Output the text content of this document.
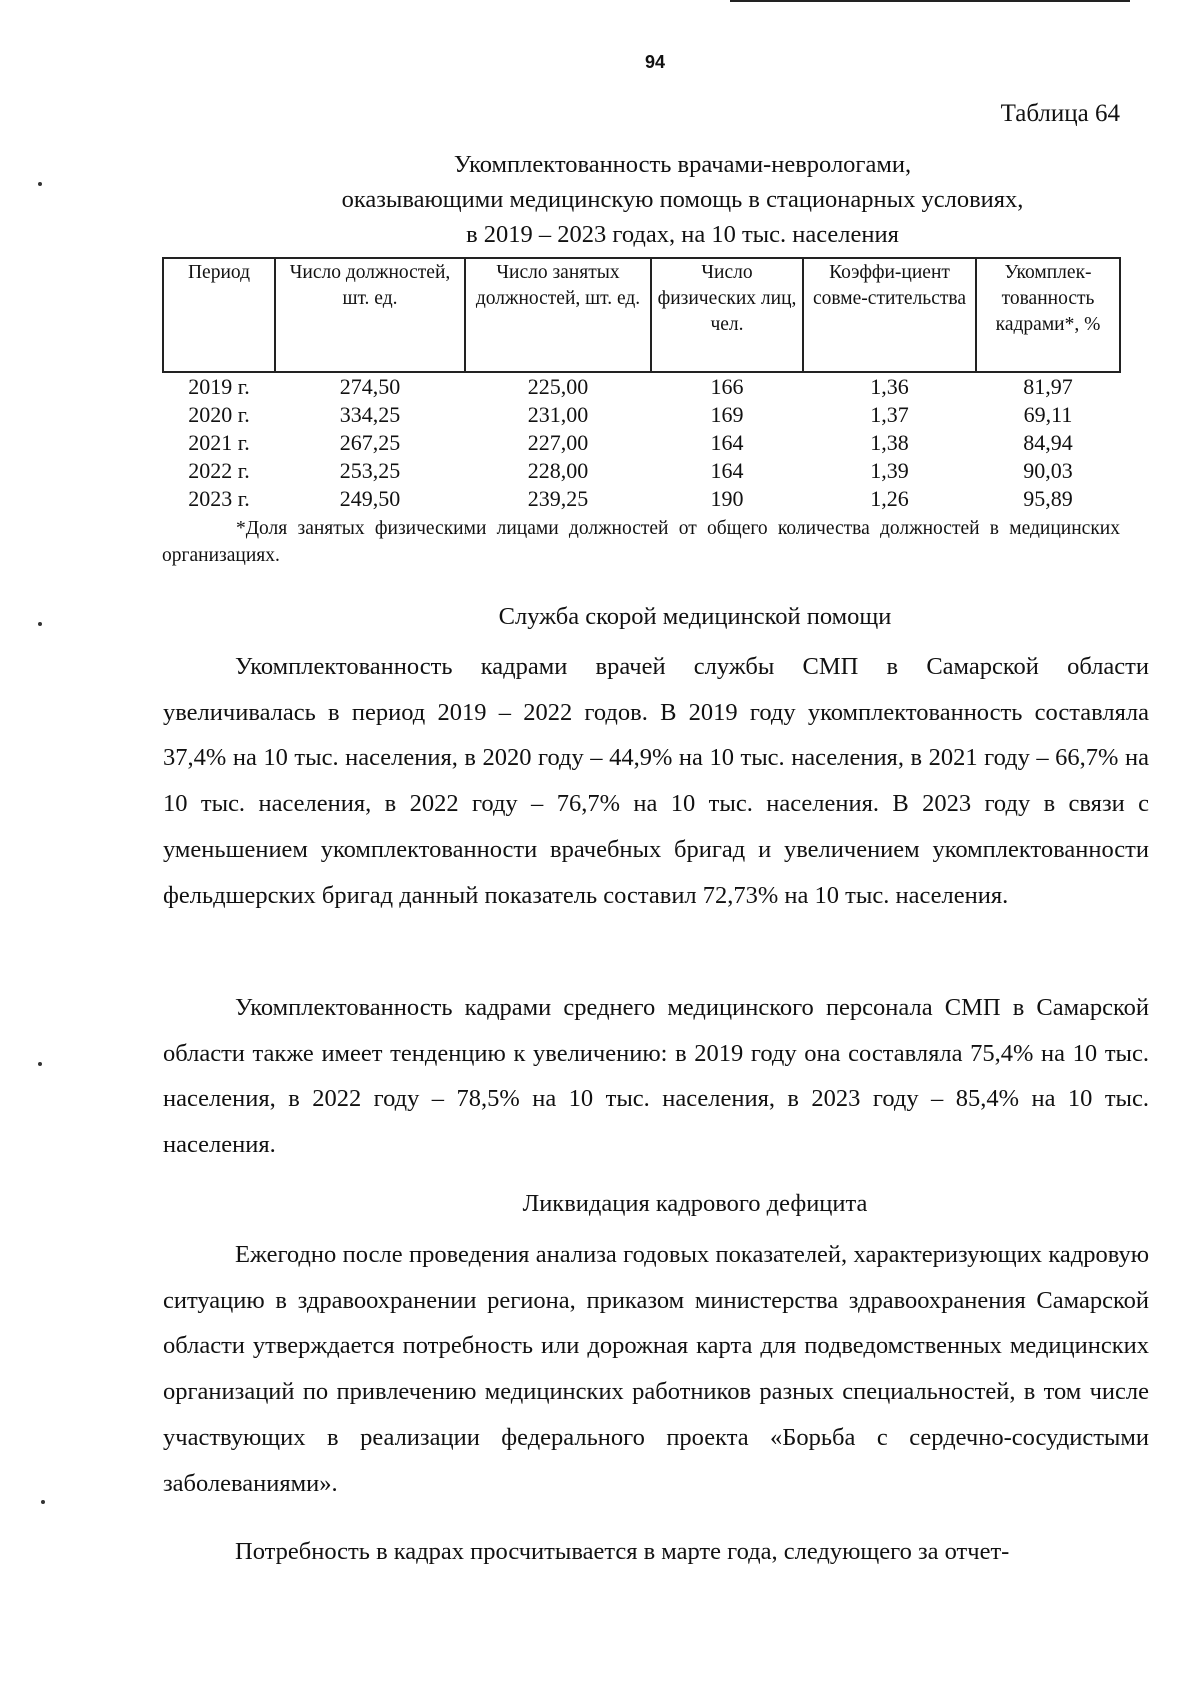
94
Таблица 64
Укомплектованность врачами-неврологами,
оказывающими медицинскую помощь в стационарных условиях,
в 2019 – 2023 годах, на 10 тыс. населения
Период	Число должностей, шт. ед.	Число занятых должностей, шт. ед.	Число физических лиц, чел.	Коэффи-циент совме-стительства	Укомплек-тованность кадрами*, %
2019 г.	274,50	225,00	166	1,36	81,97
2020 г.	334,25	231,00	169	1,37	69,11
2021 г.	267,25	227,00	164	1,38	84,94
2022 г.	253,25	228,00	164	1,39	90,03
2023 г.	249,50	239,25	190	1,26	95,89
*Доля занятых физическими лицами должностей от общего количества должностей в медицинских организациях.
Служба скорой медицинской помощи
Укомплектованность кадрами врачей службы СМП в Самарской области увеличивалась в период 2019 – 2022 годов. В 2019 году укомплектованность составляла 37,4% на 10 тыс. населения, в 2020 году – 44,9% на 10 тыс. населения, в 2021 году – 66,7% на 10 тыс. населения, в 2022 году – 76,7% на 10 тыс. населения. В 2023 году в связи с уменьшением укомплектованности врачебных бригад и увеличением укомплектованности фельдшерских бригад данный показатель составил 72,73% на 10 тыс. населения.
Укомплектованность кадрами среднего медицинского персонала СМП в Самарской области также имеет тенденцию к увеличению: в 2019 году она составляла 75,4% на 10 тыс. населения, в 2022 году – 78,5% на 10 тыс. населения, в 2023 году – 85,4% на 10 тыс. населения.
Ликвидация кадрового дефицита
Ежегодно после проведения анализа годовых показателей, характеризующих кадровую ситуацию в здравоохранении региона, приказом министерства здравоохранения Самарской области утверждается потребность или дорожная карта для подведомственных медицинских организаций по привлечению медицинских работников разных специальностей, в том числе участвующих в реализации федерального проекта «Борьба с сердечно-сосудистыми заболеваниями».
Потребность в кадрах просчитывается в марте года, следующего за отчет-
